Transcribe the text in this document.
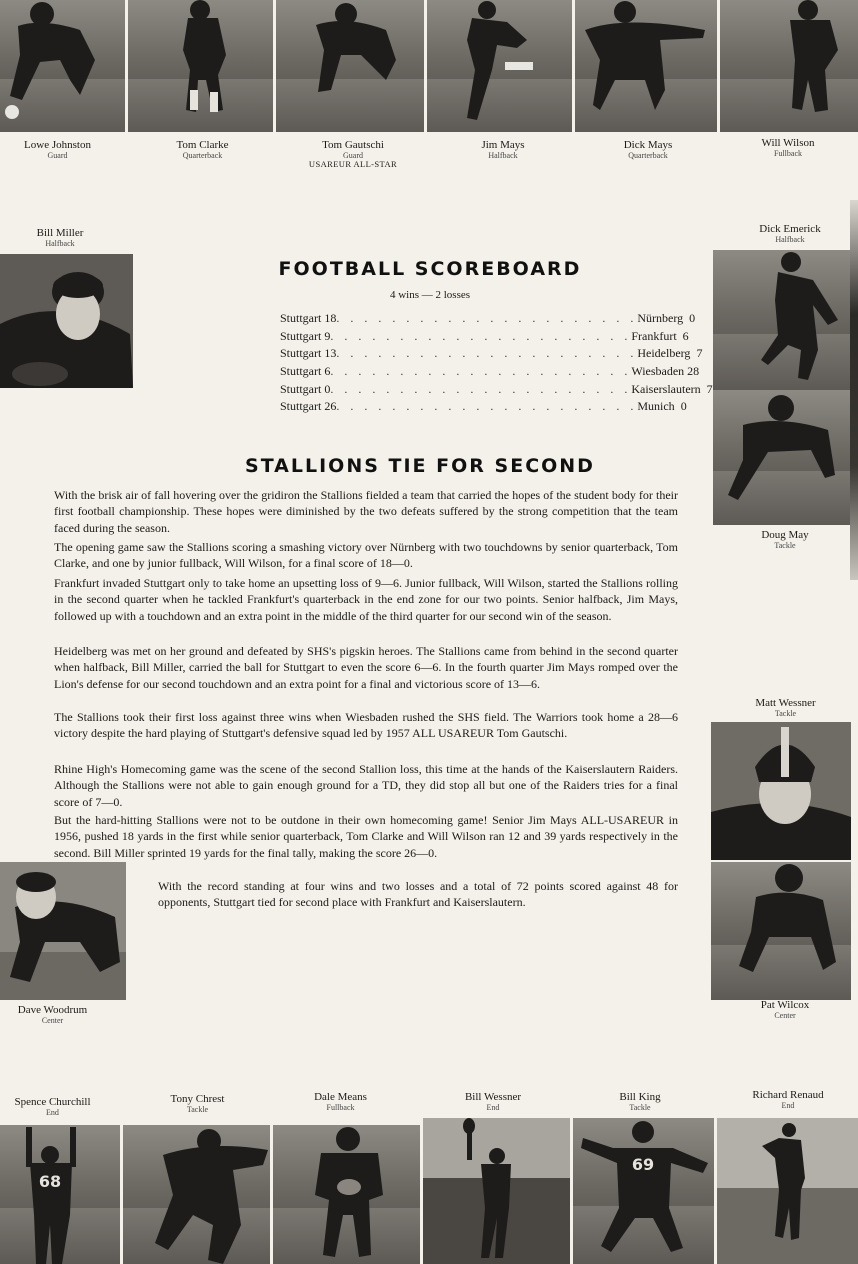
Lowe Johnston
Guard
Tom Clarke
Quarterback
Tom Gautschi
Guard
USAREUR ALL-STAR
Jim Mays
Halfback
Dick Mays
Quarterback
Will Wilson
Fullback
Bill Miller
Halfback
Dave Woodrum
Center
Dick Emerick
Halfback
Doug May
Tackle
Matt Wessner
Tackle
Pat Wilcox
Center
FOOTBALL SCOREBOARD
4 wins — 2 losses
Stuttgart 18 . . . . . . . . . . . . . . . . . . . . . . Nürnberg 0
Stuttgart 9 . . . . . . . . . . . . . . . . . . . . . . Frankfurt 6
Stuttgart 13 . . . . . . . . . . . . . . . . . . . . . . Heidelberg 7
Stuttgart 6 . . . . . . . . . . . . . . . . . . . . . . Wiesbaden 28
Stuttgart 0 . . . . . . . . . . . . . . . . . . . . . . Kaiserslautern 7
Stuttgart 26 . . . . . . . . . . . . . . . . . . . . . . Munich 0
STALLIONS TIE FOR SECOND

With the brisk air of fall hovering over the gridiron the Stallions fielded a team that carried the hopes of the student body for their first football championship. These hopes were diminished by the two defeats suffered by the strong competition that the team faced during the season.

The opening game saw the Stallions scoring a smashing victory over Nürnberg with two touchdowns by senior quarterback, Tom Clarke, and one by junior fullback, Will Wilson, for a final score of 18—0.

Frankfurt invaded Stuttgart only to take home an upsetting loss of 9—6. Junior fullback, Will Wilson, started the Stallions rolling in the second quarter when he tackled Frankfurt's quarterback in the end zone for our two points. Senior halfback, Jim Mays, followed up with a touchdown and an extra point in the middle of the third quarter for our second win of the season.

Heidelberg was met on her ground and defeated by SHS's pigskin heroes. The Stallions came from behind in the second quarter when halfback, Bill Miller, carried the ball for Stuttgart to even the score 6—6. In the fourth quarter Jim Mays romped over the Lion's defense for our second touchdown and an extra point for a final and victorious score of 13—6.

The Stallions took their first loss against three wins when Wiesbaden rushed the SHS field. The Warriors took home a 28—6 victory despite the hard playing of Stuttgart's defensive squad led by 1957 ALL USAREUR Tom Gautschi.

Rhine High's Homecoming game was the scene of the second Stallion loss, this time at the hands of the Kaiserslautern Raiders. Although the Stallions were not able to gain enough ground for a TD, they did stop all but one of the Raiders tries for a final score of 7—0.

But the hard-hitting Stallions were not to be outdone in their own homecoming game! Senior Jim Mays ALL-USAREUR in 1956, pushed 18 yards in the first while senior quarterback, Tom Clarke and Will Wilson ran 12 and 39 yards respectively in the second. Bill Miller sprinted 19 yards for the final tally, making the score 26—0.

With the record standing at four wins and two losses and a total of 72 points scored against 48 for opponents, Stuttgart tied for second place with Frankfurt and Kaiserslautern.

Spence Churchill
End
Tony Chrest
Tackle
Dale Means
Fullback
Bill Wessner
End
Bill King
Tackle
Richard Renaud
End
68
69
